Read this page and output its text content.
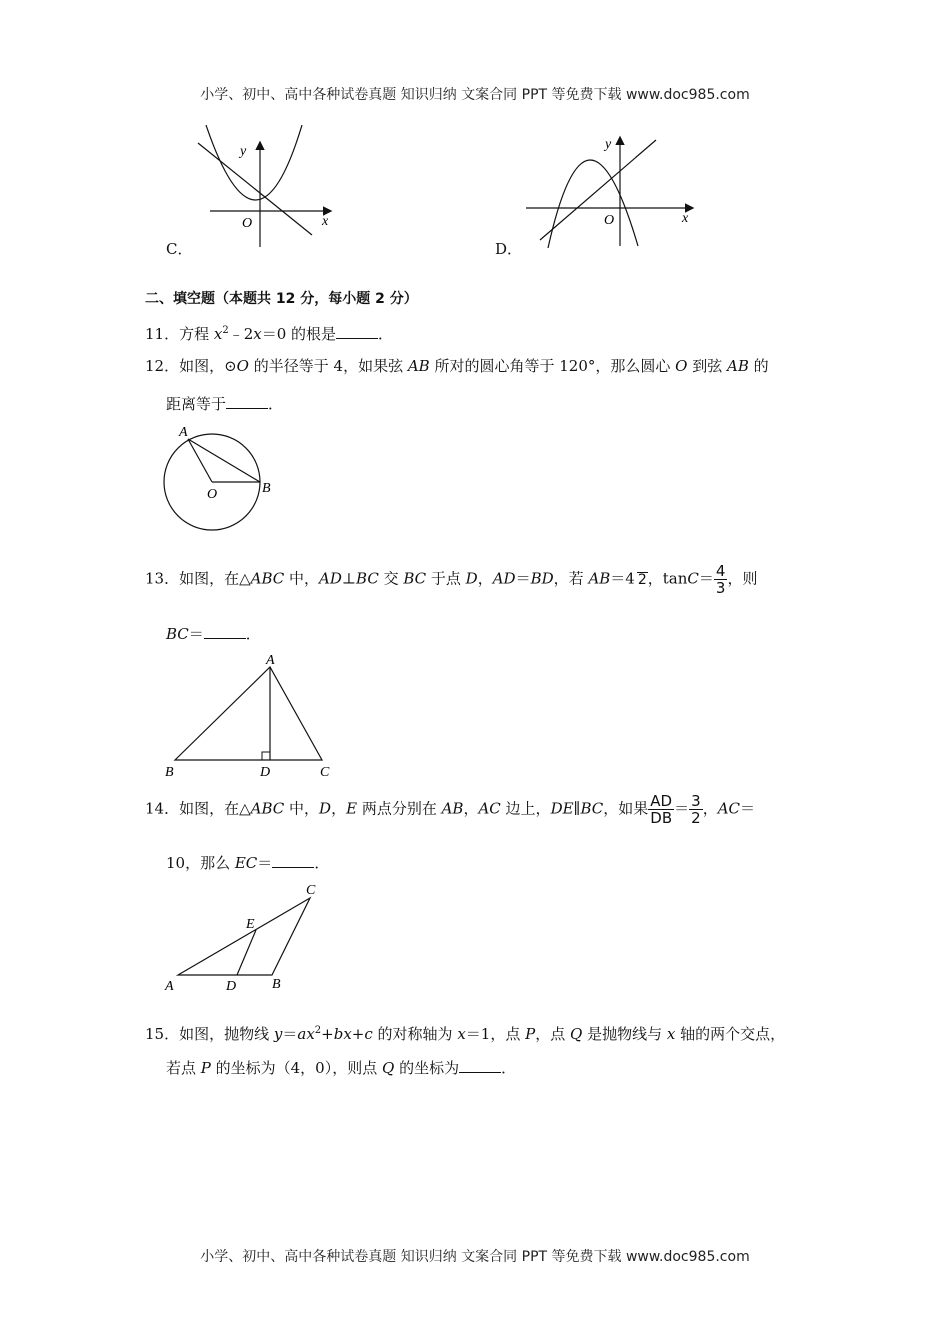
小学、初中、高中各种试卷真题 知识归纳 文案合同 PPT 等免费下载 www.doc985.com
y
x
O
C．
y
x
O
D．
二、填空题（本题共 12 分，每小题 2 分）
11．方程 $x^2﹣2x=0$ 的根是	．
12．如图，⊙O 的半径等于 4，如果弦 AB 所对的圆心角等于 120°，那么圆心 O 到弦 AB 的
距离等于	．
A
O	B
13．如图，在△ABC 中，AD⊥BC 交 BC 于点 D，AD＝BD，若 AB＝4 2，$\tan C= \frac{4}{3}$ ，则
BC＝	．
A
B	D	C
14．如图，在△ABC 中，D，E 两点分别在 AB，AC 边上，DE∥BC，如果 $\frac{AD}{DB} = \frac{3}{2}$ ，AC＝
10，那么 EC＝	．
A	D	B
E
C
15．如图，抛物线 $y=ax^2+bx+c$ 的对称轴为 x＝1，点 P，点 Q 是抛物线与 x 轴的两个交点，
若点 P 的坐标为（4，0），则点 Q 的坐标为	．
小学、初中、高中各种试卷真题 知识归纳 文案合同 PPT 等免费下载 www.doc985.com
